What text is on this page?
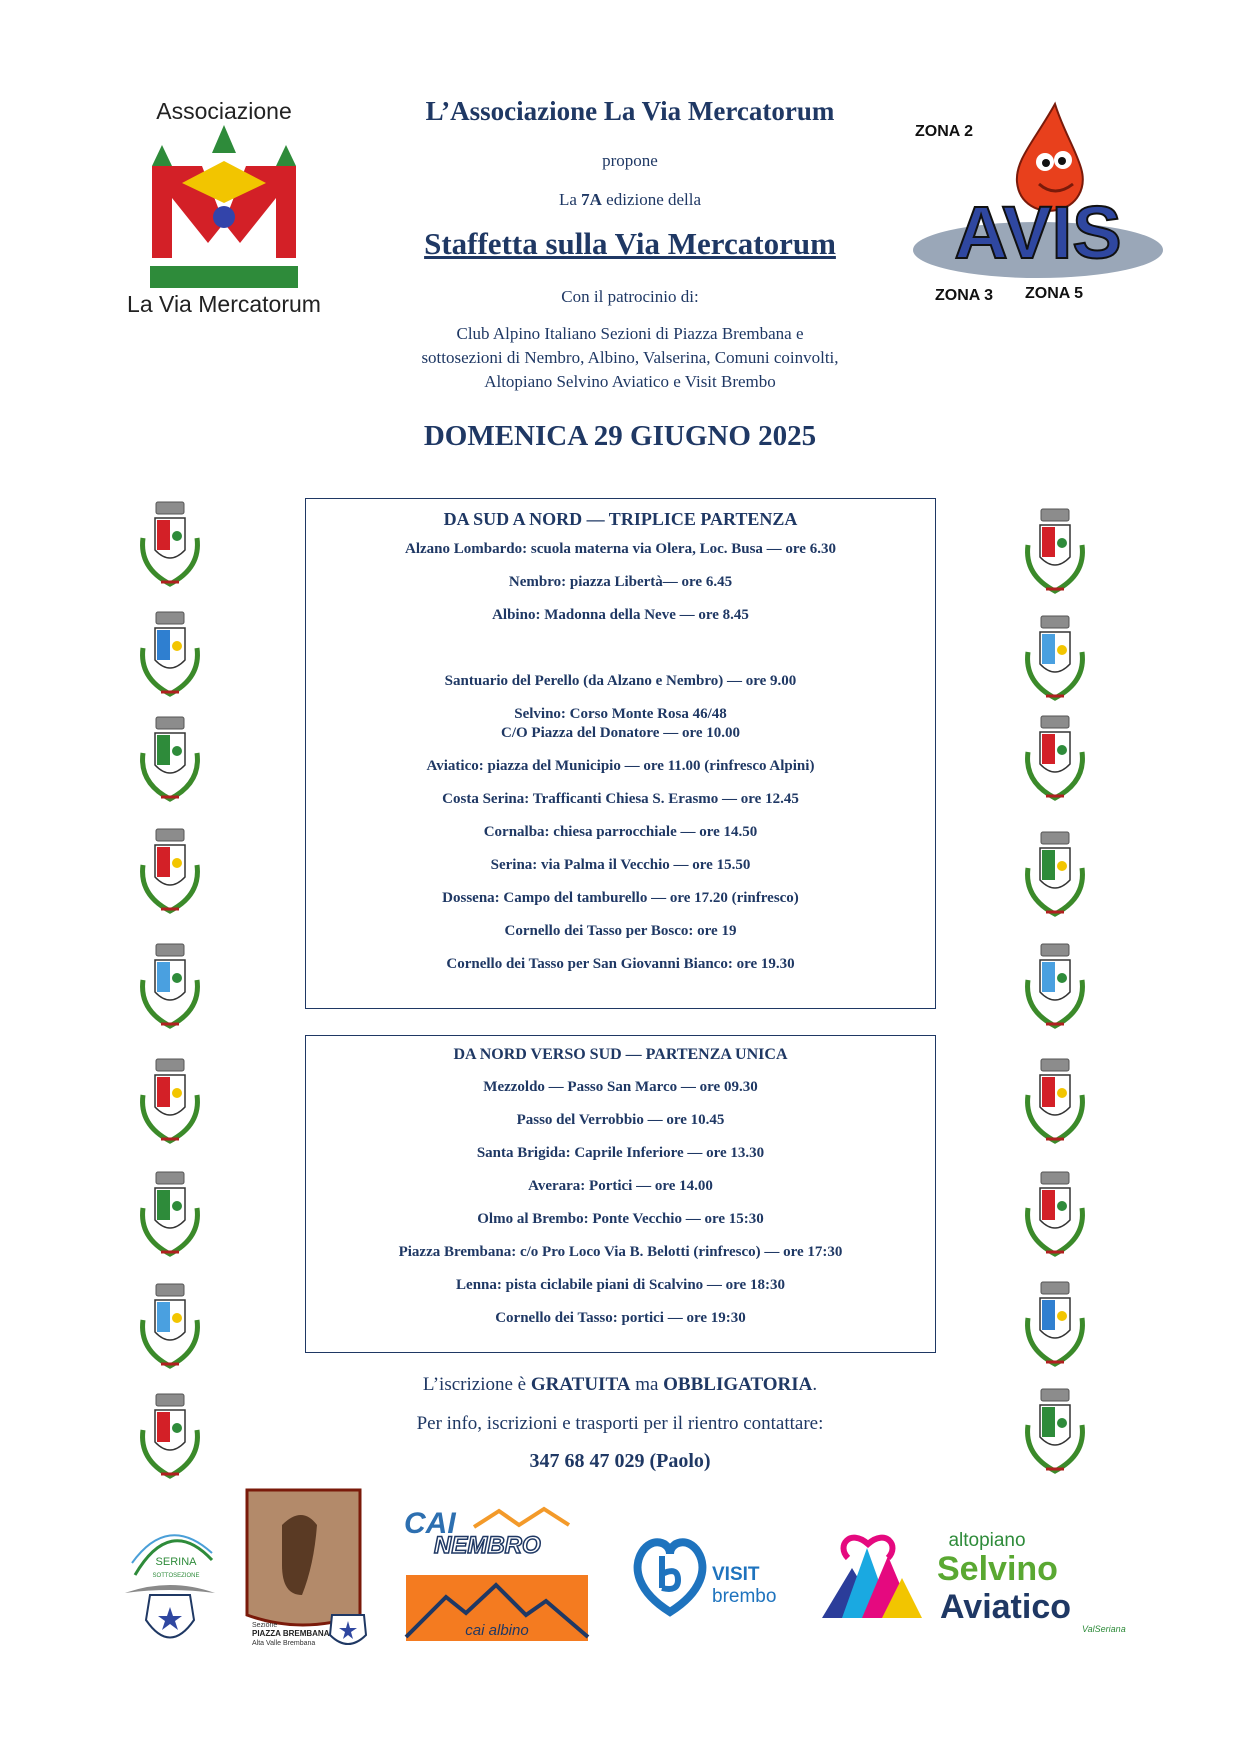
Associazione
La Via Mercatorum
ZONA 2
AVIS
ZONA 3 ZONA 5
L’Associazione La Via Mercatorum
propone
La 7A edizione della
Staffetta sulla Via Mercatorum
Con il patrocinio di:
Club Alpino Italiano Sezioni di Piazza Brembana e
sottosezioni di Nembro, Albino, Valserina, Comuni coinvolti,
Altopiano Selvino Aviatico e Visit Brembo
DOMENICA 29 GIUGNO 2025
DA SUD A NORD — TRIPLICE PARTENZA
Alzano Lombardo: scuola materna via Olera, Loc. Busa — ore 6.30
Nembro: piazza Libertà— ore 6.45
Albino: Madonna della Neve — ore 8.45
Santuario del Perello (da Alzano e Nembro) — ore 9.00
Selvino: Corso Monte Rosa 46/48
C/O Piazza del Donatore — ore 10.00
Aviatico: piazza del Municipio — ore 11.00 (rinfresco Alpini)
Costa Serina: Trafficanti Chiesa S. Erasmo — ore 12.45
Cornalba: chiesa parrocchiale — ore 14.50
Serina: via Palma il Vecchio — ore 15.50
Dossena: Campo del tamburello — ore 17.20 (rinfresco)
Cornello dei Tasso per Bosco: ore 19
Cornello dei Tasso per San Giovanni Bianco: ore 19.30
DA NORD VERSO SUD — PARTENZA UNICA
Mezzoldo — Passo San Marco — ore 09.30
Passo del Verrobbio — ore 10.45
Santa Brigida: Caprile Inferiore — ore 13.30
Averara: Portici — ore 14.00
Olmo al Brembo: Ponte Vecchio — ore 15:30
Piazza Brembana: c/o Pro Loco Via B. Belotti (rinfresco) — ore 17:30
Lenna: pista ciclabile piani di Scalvino — ore 18:30
Cornello dei Tasso: portici — ore 19:30
L’iscrizione è GRATUITA ma OBBLIGATORIA.
Per info, iscrizioni e trasporti per il rientro contattare:
347 68 47 029 (Paolo)
SERINA
SOTTOSEZIONE
Sezione
PIAZZA BREMBANA
Alta Valle Brembana
CAI
NEMBRO
cai albino
VISIT
brembo
altopiano
Selvino
Aviatico
ValSeriana
